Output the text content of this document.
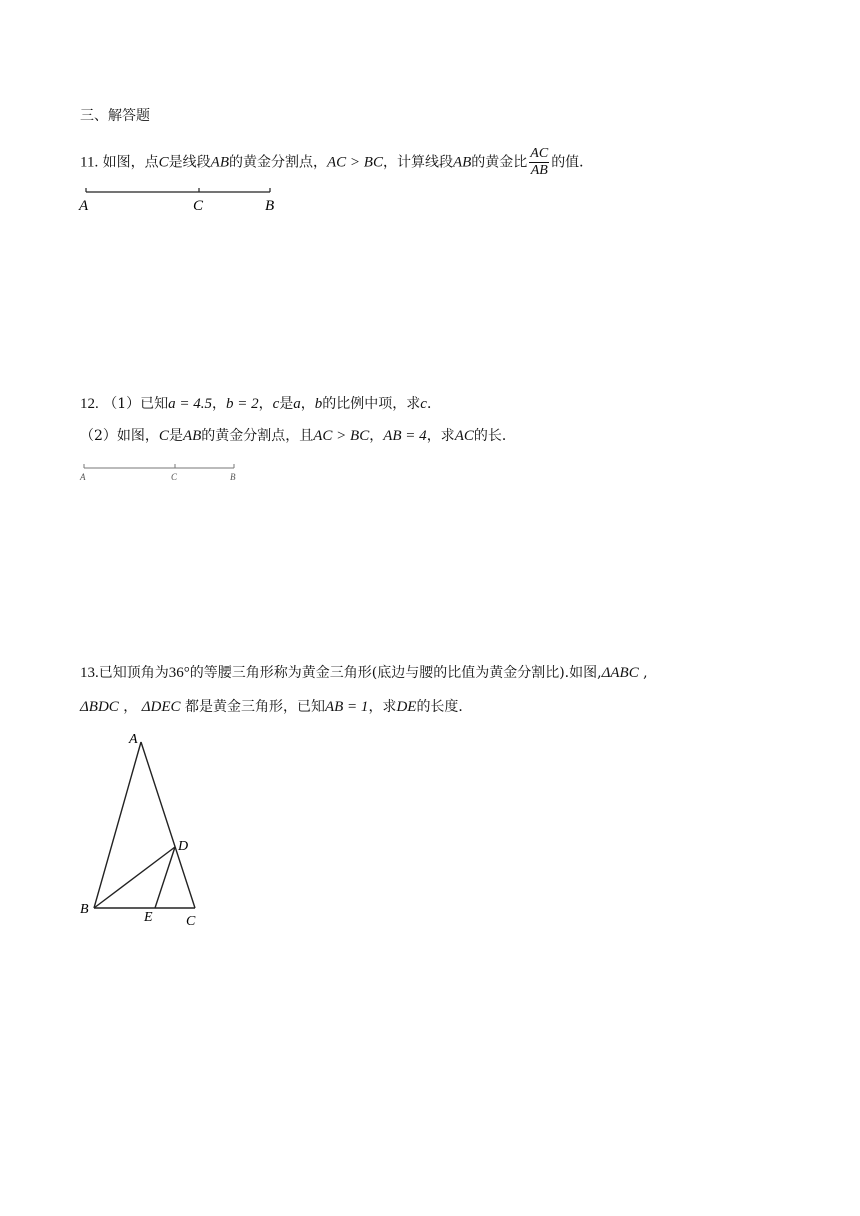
三、解答题
11. 如图，点C是线段AB的黄金分割点，AC > BC，计算线段AB的黄金比 $\frac{AC}{AB}$ 的值．
A	C	B
12. （1）已知a = 4.5，b = 2，c是a，b的比例中项，求c．
（2）如图，C是AB的黄金分割点，且AC > BC，AB = 4，求AC的长．
A	C	B
13.已知顶角为36°的等腰三角形称为黄金三角形(底边与腰的比值为黄金分割比).如图,ΔABC ,
ΔBDC ， ΔDEC 都是黄金三角形，已知AB = 1，求DE的长度．
A
B
C
D
E
